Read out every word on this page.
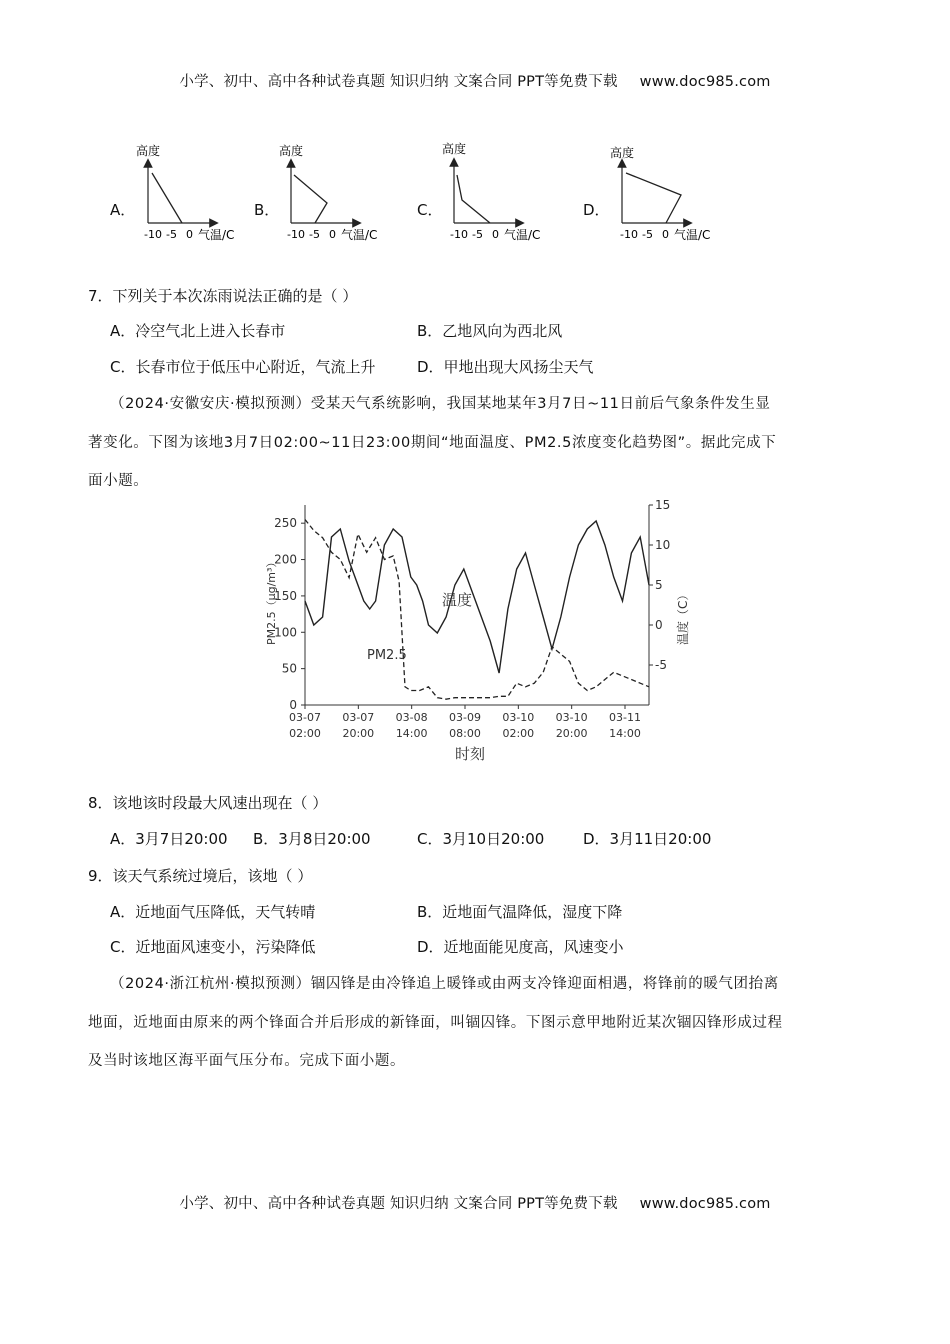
小学、初中、高中各种试卷真题 知识归纳 文案合同 PPT等免费下载 www.doc985.com
A．
高度
-10 -5 0 气温/C
B．
高度
-10 -5 0 气温/C
C．
高度
-10 -5 0 气温/C
D．
高度
-10 -5 0 气温/C
7．下列关于本次冻雨说法正确的是（ ）
A．冷空气北上进入长春市	B．乙地风向为西北风
C．长春市位于低压中心附近，气流上升	D．甲地出现大风扬尘天气
（2024·安徽安庆·模拟预测）受某天气系统影响，我国某地某年3月7日~11日前后气象条件发生显
著变化。下图为该地3月7日02:00~11日23:00期间“地面温度、PM2.5浓度变化趋势图”。据此完成下
面小题。
0
50
100
150
200
250
-5
0
5
10
15
03-07
02:00
03-07
20:00
03-08
14:00
03-09
08:00
03-10
02:00
03-10
20:00
03-11
14:00
温度
PM2.5
时刻
PM2.5（μg/m³）	温度（C）
8．该地该时段最大风速出现在（ ）
A．3月7日20:00 B．3月8日20:00	C．3月10日20:00	D．3月11日20:00
9．该天气系统过境后，该地（ ）
A．近地面气压降低，天气转晴	B．近地面气温降低，湿度下降
C．近地面风速变小，污染降低	D．近地面能见度高，风速变小
（2024·浙江杭州·模拟预测）锢囚锋是由冷锋追上暖锋或由两支冷锋迎面相遇，将锋前的暖气团抬离
地面，近地面由原来的两个锋面合并后形成的新锋面，叫锢囚锋。下图示意甲地附近某次锢囚锋形成过程
及当时该地区海平面气压分布。完成下面小题。
小学、初中、高中各种试卷真题 知识归纳 文案合同 PPT等免费下载 www.doc985.com
